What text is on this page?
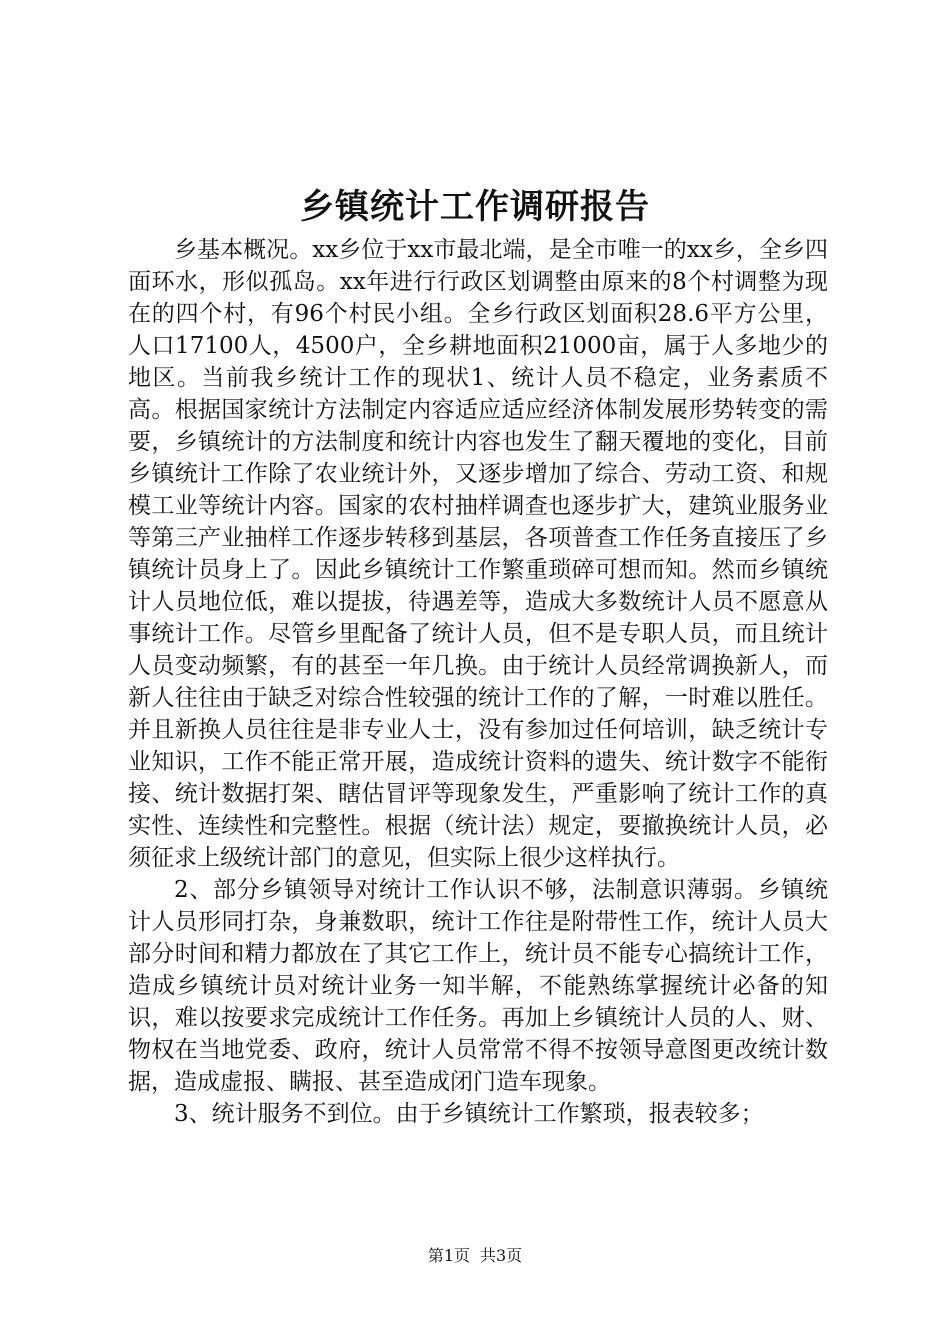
乡镇统计工作调研报告

乡基本概况。xx乡位于xx市最北端，是全市唯一的xx乡，全乡四面环水，形似孤岛。xx年进行行政区划调整由原来的8个村调整为现在的四个村，有96个村民小组。全乡行政区划面积28.6平方公里，人口17100人，4500户，全乡耕地面积21000亩，属于人多地少的地区。当前我乡统计工作的现状1、统计人员不稳定，业务素质不高。根据国家统计方法制定内容适应适应经济体制发展形势转变的需要，乡镇统计的方法制度和统计内容也发生了翻天覆地的变化，目前乡镇统计工作除了农业统计外，又逐步增加了综合、劳动工资、和规模工业等统计内容。国家的农村抽样调查也逐步扩大，建筑业服务业等第三产业抽样工作逐步转移到基层，各项普查工作任务直接压了乡镇统计员身上了。因此乡镇统计工作繁重琐碎可想而知。然而乡镇统计人员地位低，难以提拔，待遇差等，造成大多数统计人员不愿意从事统计工作。尽管乡里配备了统计人员，但不是专职人员，而且统计人员变动频繁，有的甚至一年几换。由于统计人员经常调换新人，而新人往往由于缺乏对综合性较强的统计工作的了解，一时难以胜任。并且新换人员往往是非专业人士，没有参加过任何培训，缺乏统计专业知识，工作不能正常开展，造成统计资料的遗失、统计数字不能衔接、统计数据打架、瞎估冒评等现象发生，严重影响了统计工作的真实性、连续性和完整性。根据（统计法）规定，要撤换统计人员，必须征求上级统计部门的意见，但实际上很少这样执行。

2、部分乡镇领导对统计工作认识不够，法制意识薄弱。乡镇统计人员形同打杂，身兼数职，统计工作往是附带性工作，统计人员大部分时间和精力都放在了其它工作上，统计员不能专心搞统计工作，造成乡镇统计员对统计业务一知半解，不能熟练掌握统计必备的知识，难以按要求完成统计工作任务。再加上乡镇统计人员的人、财、物权在当地党委、政府，统计人员常常不得不按领导意图更改统计数据，造成虚报、瞒报、甚至造成闭门造车现象。

3、统计服务不到位。由于乡镇统计工作繁琐，报表较多；

第1页 共3页
